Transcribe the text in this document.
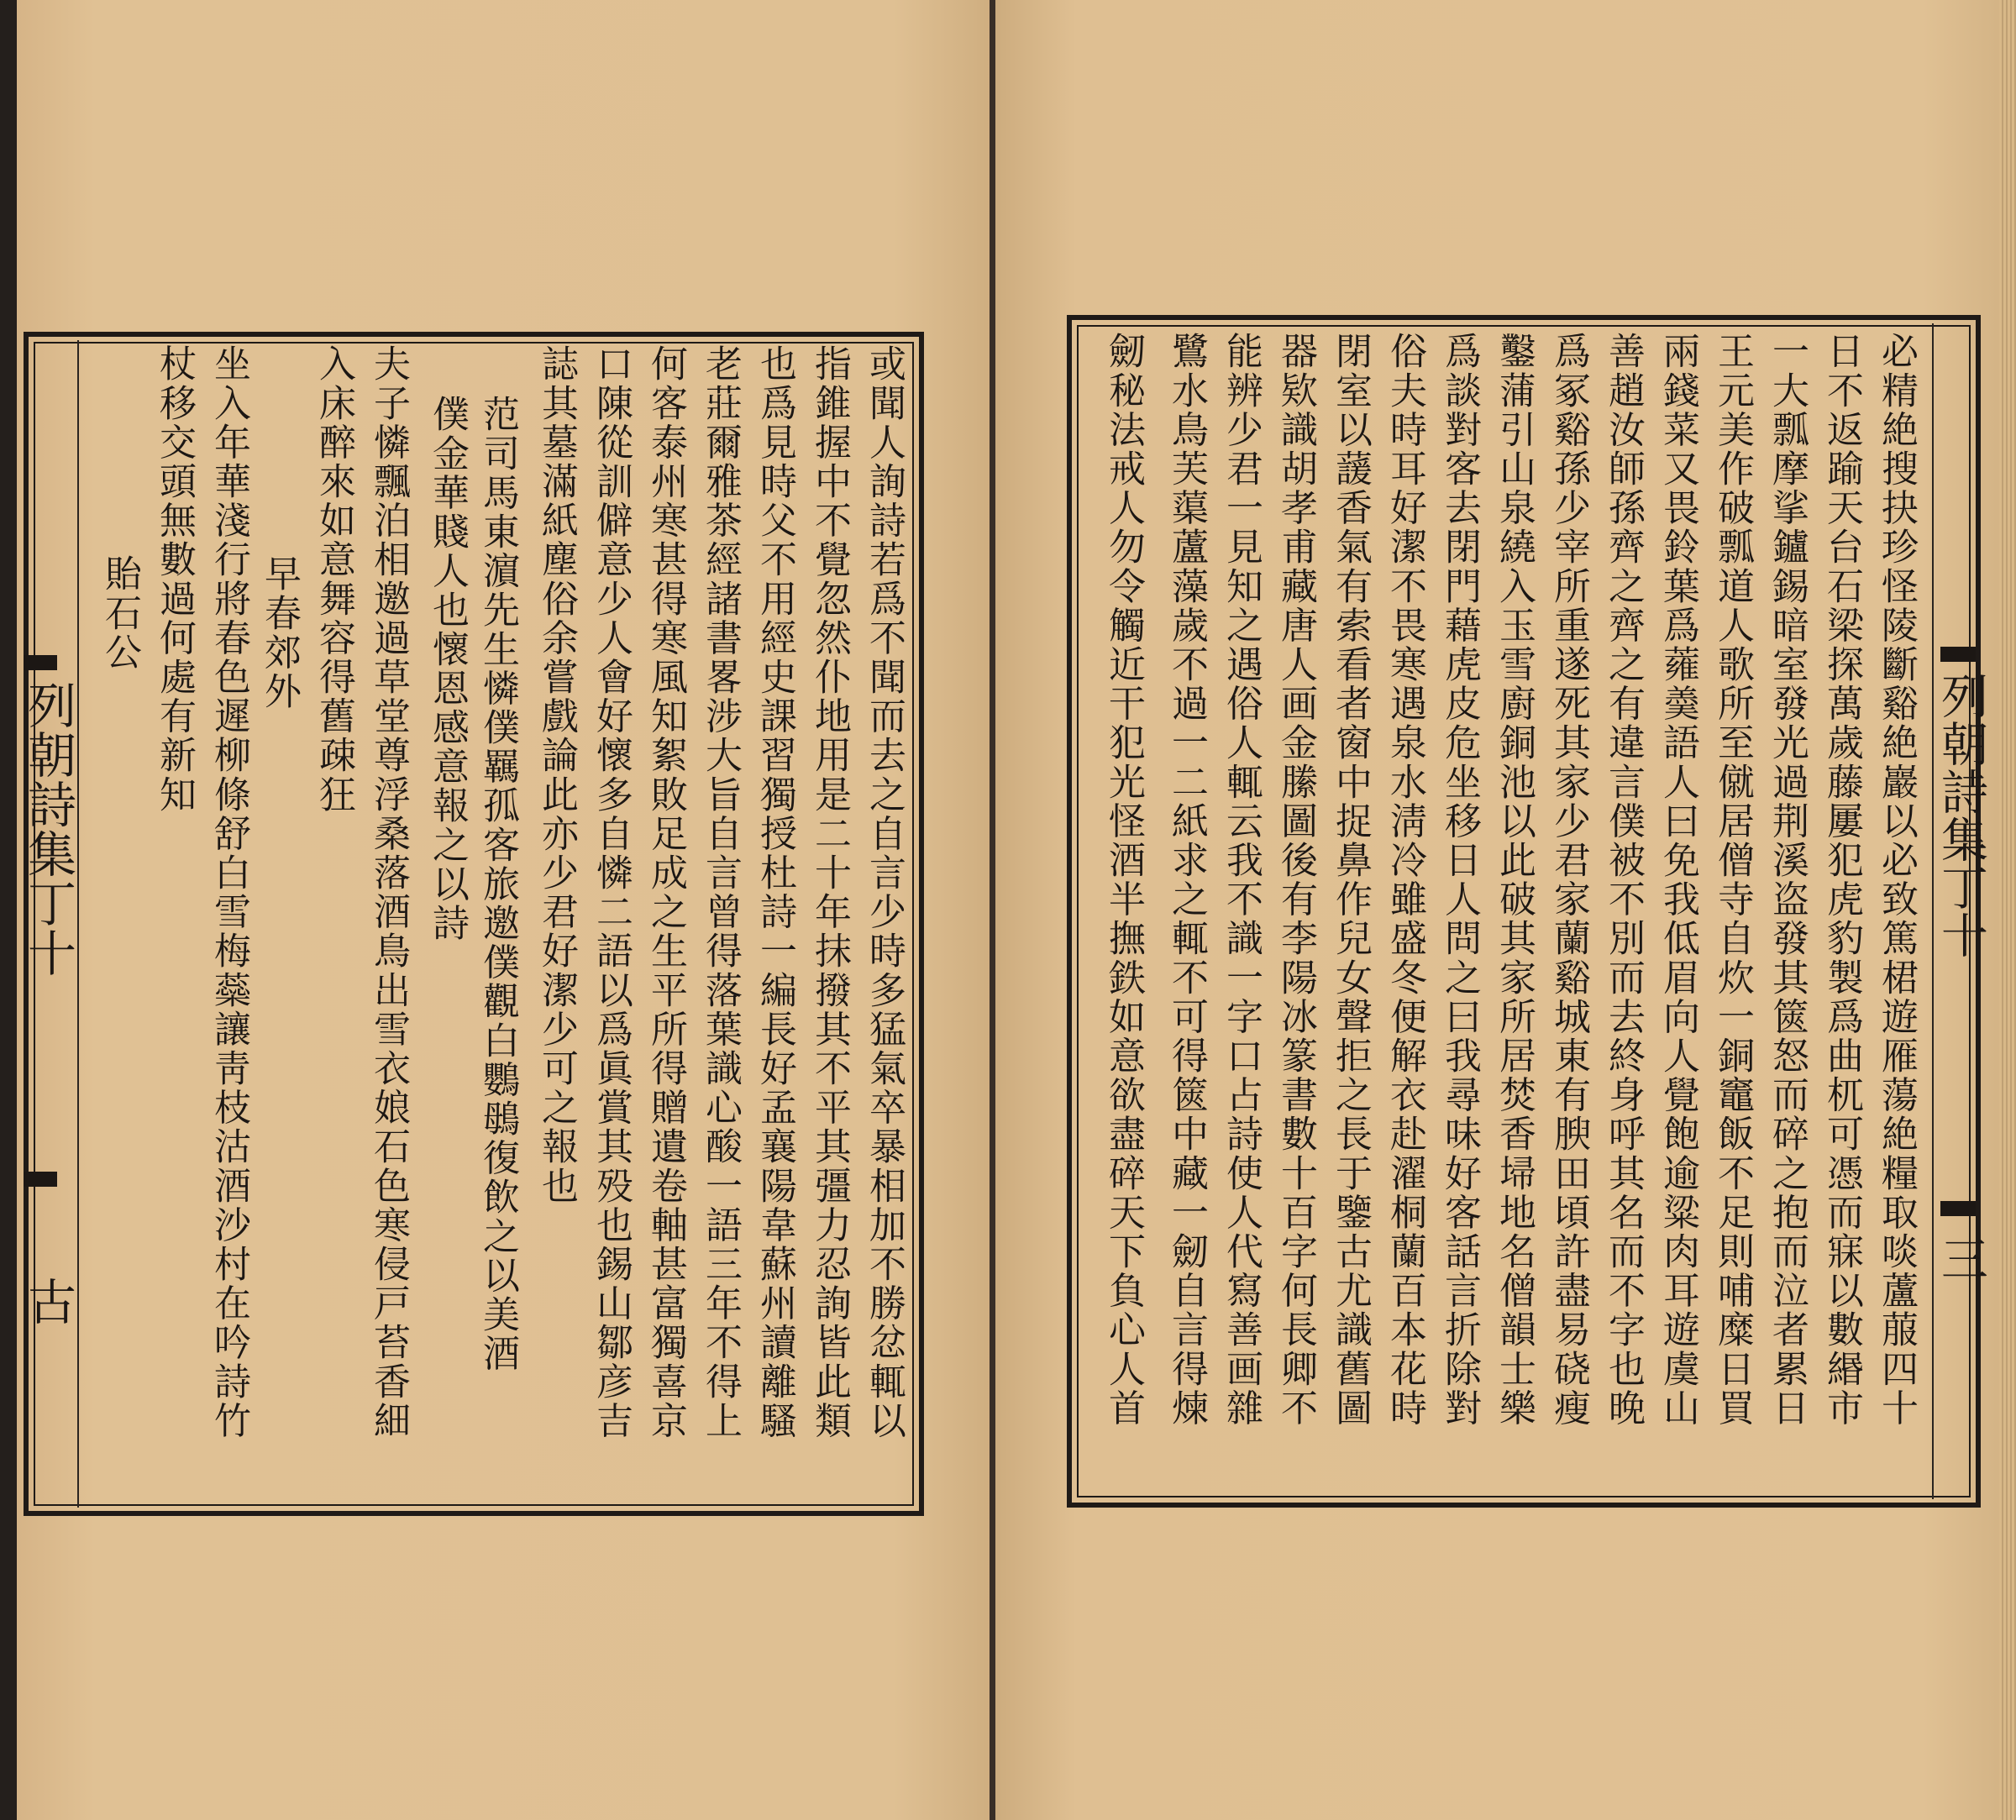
列朝詩集丁十
古	或聞人詢詩若爲不聞而去之自言少時多猛氣卒暴相加不勝忿輒以
指錐握中不覺忽然仆地用是二十年抹撥其不平其彊力忍詢皆此類
也爲見時父不用經史課習獨授杜詩一編長好孟襄陽韋蘇州讀離騷
老莊爾雅茶經諸書畧涉大旨自言曾得落葉識心酸一語三年不得上
何客泰州寒甚得寒風知絮敗足成之生平所得贈遺卷軸甚富獨喜京
口陳從訓僻意少人會好懷多自憐二語以爲眞賞其殁也錫山鄒彦吉
誌其墓滿紙塵俗余嘗戲論此亦少君好潔少可之報也
范司馬東濵先生憐僕羈孤客旅邀僕觀白鸚䳇復飲之以美酒
僕金華賤人也懷恩感意報之以詩
夫子憐飄泊相邀過草堂尊浮桑落酒鳥出雪衣娘石色寒侵戸苔香細
入床醉來如意舞容得舊疎狂
早春郊外
坐入年華淺行將春色遲柳條舒白雪梅蘂讓靑枝沽酒沙村在吟詩竹
杖移交頭無數過何處有新知
貽石公	必精絶搜抉珍怪陵斷谿絶巖以必致篤桾遊雁蕩絶糧取啖蘆菔四十
日不返踰天台石梁探萬歲藤屢犯虎豹製爲曲杌可憑而寐以數緡市
一大瓢摩挲鑪錫暗室發光過荆溪盗發其篋怒而碎之抱而泣者累日
王元美作破瓢道人歌所至僦居僧寺自炊一銅竈飯不足則哺糜日買
兩錢菜又畏鈴葉爲蕹羮語人曰免我低眉向人覺飽逾粱肉耳遊虞山
善趙汝師孫齊之齊之有違言僕被不別而去終身呼其名而不字也晚
爲冢谿孫少宰所重遂死其家少君家蘭谿城東有腴田頃許盡易硗瘦
鑿蒲引山泉繞入玉雪廚銅池以此破其家所居焚香埽地名僧韻士樂
爲談對客去閉門藉虎皮危坐移日人問之曰我尋味好客話言折除對
俗夫時耳好潔不畏寒遇泉水淸冷雖盛冬便解衣赴濯桐蘭百本花時
閉室以蘐香氣有索看者窗中捉鼻作兒女聲拒之長于鑒古尤識舊圖
器欵識胡孝甫藏唐人画金縢圖後有李陽冰篆書數十百字何長卿不
能辨少君一見知之遇俗人輒云我不識一字口占詩使人代寫善画雜
鷺水鳥芙蕖蘆藻歲不過一二紙求之輒不可得篋中藏一劒自言得煉
劒秘法戒人勿令觸近干犯光怪酒半撫鉄如意欲盡碎天下負心人首	列朝詩集丁十
三
